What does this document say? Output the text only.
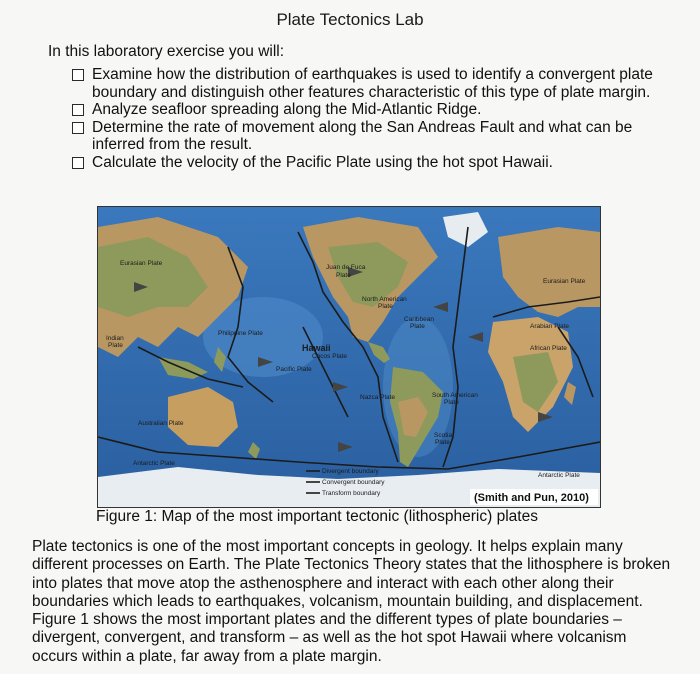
Plate Tectonics Lab
In this laboratory exercise you will:
Examine how the distribution of earthquakes is used to identify a convergent plate boundary and distinguish other features characteristic of this type of plate margin.
Analyze seafloor spreading along the Mid-Atlantic Ridge.
Determine the rate of movement along the San Andreas Fault and what can be inferred from the result.
Calculate the velocity of the Pacific Plate using the hot spot Hawaii.
Eurasian Plate
Eurasian Plate
Juan de Fuca
Plate
North American
Plate
Caribbean
Plate	Arabian Plate
African Plate
Philippine Plate
Indian
Plate	Hawaii
Cocos Plate
Pacific Plate
Nazca Plate	South American
Plate
Australian Plate
Scotia
Plate
Antarctic Plate
Antarctic Plate
Divergent boundary
Convergent boundary
Transform boundary	(Smith and Pun, 2010)
Figure 1: Map of the most important tectonic (lithospheric) plates
Plate tectonics is one of the most important concepts in geology. It helps explain many different processes on Earth. The Plate Tectonics Theory states that the lithosphere is broken into plates that move atop the asthenosphere and interact with each other along their boundaries which leads to earthquakes, volcanism, mountain building, and displacement. Figure 1 shows the most important plates and the different types of plate boundaries – divergent, convergent, and transform – as well as the hot spot Hawaii where volcanism occurs within a plate, far away from a plate margin.
